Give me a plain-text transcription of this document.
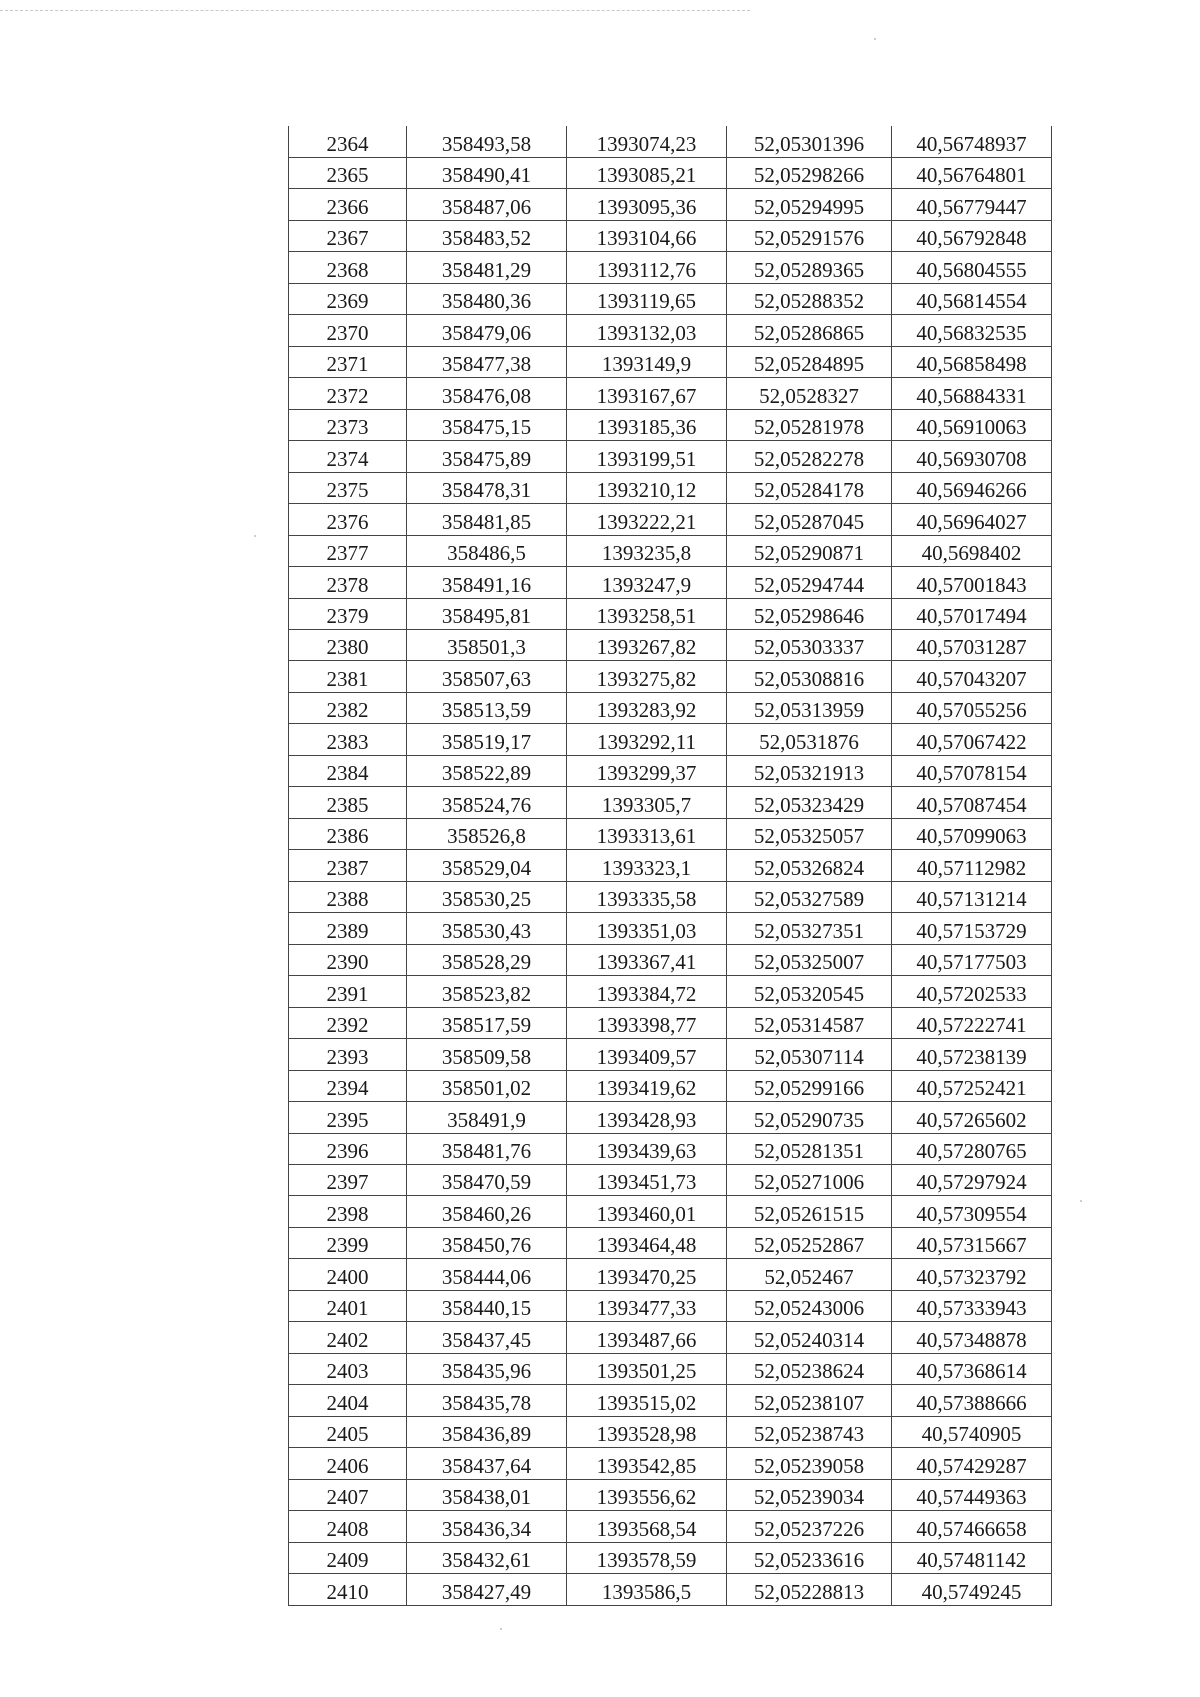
2364	358493,58	1393074,23	52,05301396	40,56748937
2365	358490,41	1393085,21	52,05298266	40,56764801
2366	358487,06	1393095,36	52,05294995	40,56779447
2367	358483,52	1393104,66	52,05291576	40,56792848
2368	358481,29	1393112,76	52,05289365	40,56804555
2369	358480,36	1393119,65	52,05288352	40,56814554
2370	358479,06	1393132,03	52,05286865	40,56832535
2371	358477,38	1393149,9	52,05284895	40,56858498
2372	358476,08	1393167,67	52,0528327	40,56884331
2373	358475,15	1393185,36	52,05281978	40,56910063
2374	358475,89	1393199,51	52,05282278	40,56930708
2375	358478,31	1393210,12	52,05284178	40,56946266
2376	358481,85	1393222,21	52,05287045	40,56964027
2377	358486,5	1393235,8	52,05290871	40,5698402
2378	358491,16	1393247,9	52,05294744	40,57001843
2379	358495,81	1393258,51	52,05298646	40,57017494
2380	358501,3	1393267,82	52,05303337	40,57031287
2381	358507,63	1393275,82	52,05308816	40,57043207
2382	358513,59	1393283,92	52,05313959	40,57055256
2383	358519,17	1393292,11	52,0531876	40,57067422
2384	358522,89	1393299,37	52,05321913	40,57078154
2385	358524,76	1393305,7	52,05323429	40,57087454
2386	358526,8	1393313,61	52,05325057	40,57099063
2387	358529,04	1393323,1	52,05326824	40,57112982
2388	358530,25	1393335,58	52,05327589	40,57131214
2389	358530,43	1393351,03	52,05327351	40,57153729
2390	358528,29	1393367,41	52,05325007	40,57177503
2391	358523,82	1393384,72	52,05320545	40,57202533
2392	358517,59	1393398,77	52,05314587	40,57222741
2393	358509,58	1393409,57	52,05307114	40,57238139
2394	358501,02	1393419,62	52,05299166	40,57252421
2395	358491,9	1393428,93	52,05290735	40,57265602
2396	358481,76	1393439,63	52,05281351	40,57280765
2397	358470,59	1393451,73	52,05271006	40,57297924
2398	358460,26	1393460,01	52,05261515	40,57309554
2399	358450,76	1393464,48	52,05252867	40,57315667
2400	358444,06	1393470,25	52,052467	40,57323792
2401	358440,15	1393477,33	52,05243006	40,57333943
2402	358437,45	1393487,66	52,05240314	40,57348878
2403	358435,96	1393501,25	52,05238624	40,57368614
2404	358435,78	1393515,02	52,05238107	40,57388666
2405	358436,89	1393528,98	52,05238743	40,5740905
2406	358437,64	1393542,85	52,05239058	40,57429287
2407	358438,01	1393556,62	52,05239034	40,57449363
2408	358436,34	1393568,54	52,05237226	40,57466658
2409	358432,61	1393578,59	52,05233616	40,57481142
2410	358427,49	1393586,5	52,05228813	40,5749245
